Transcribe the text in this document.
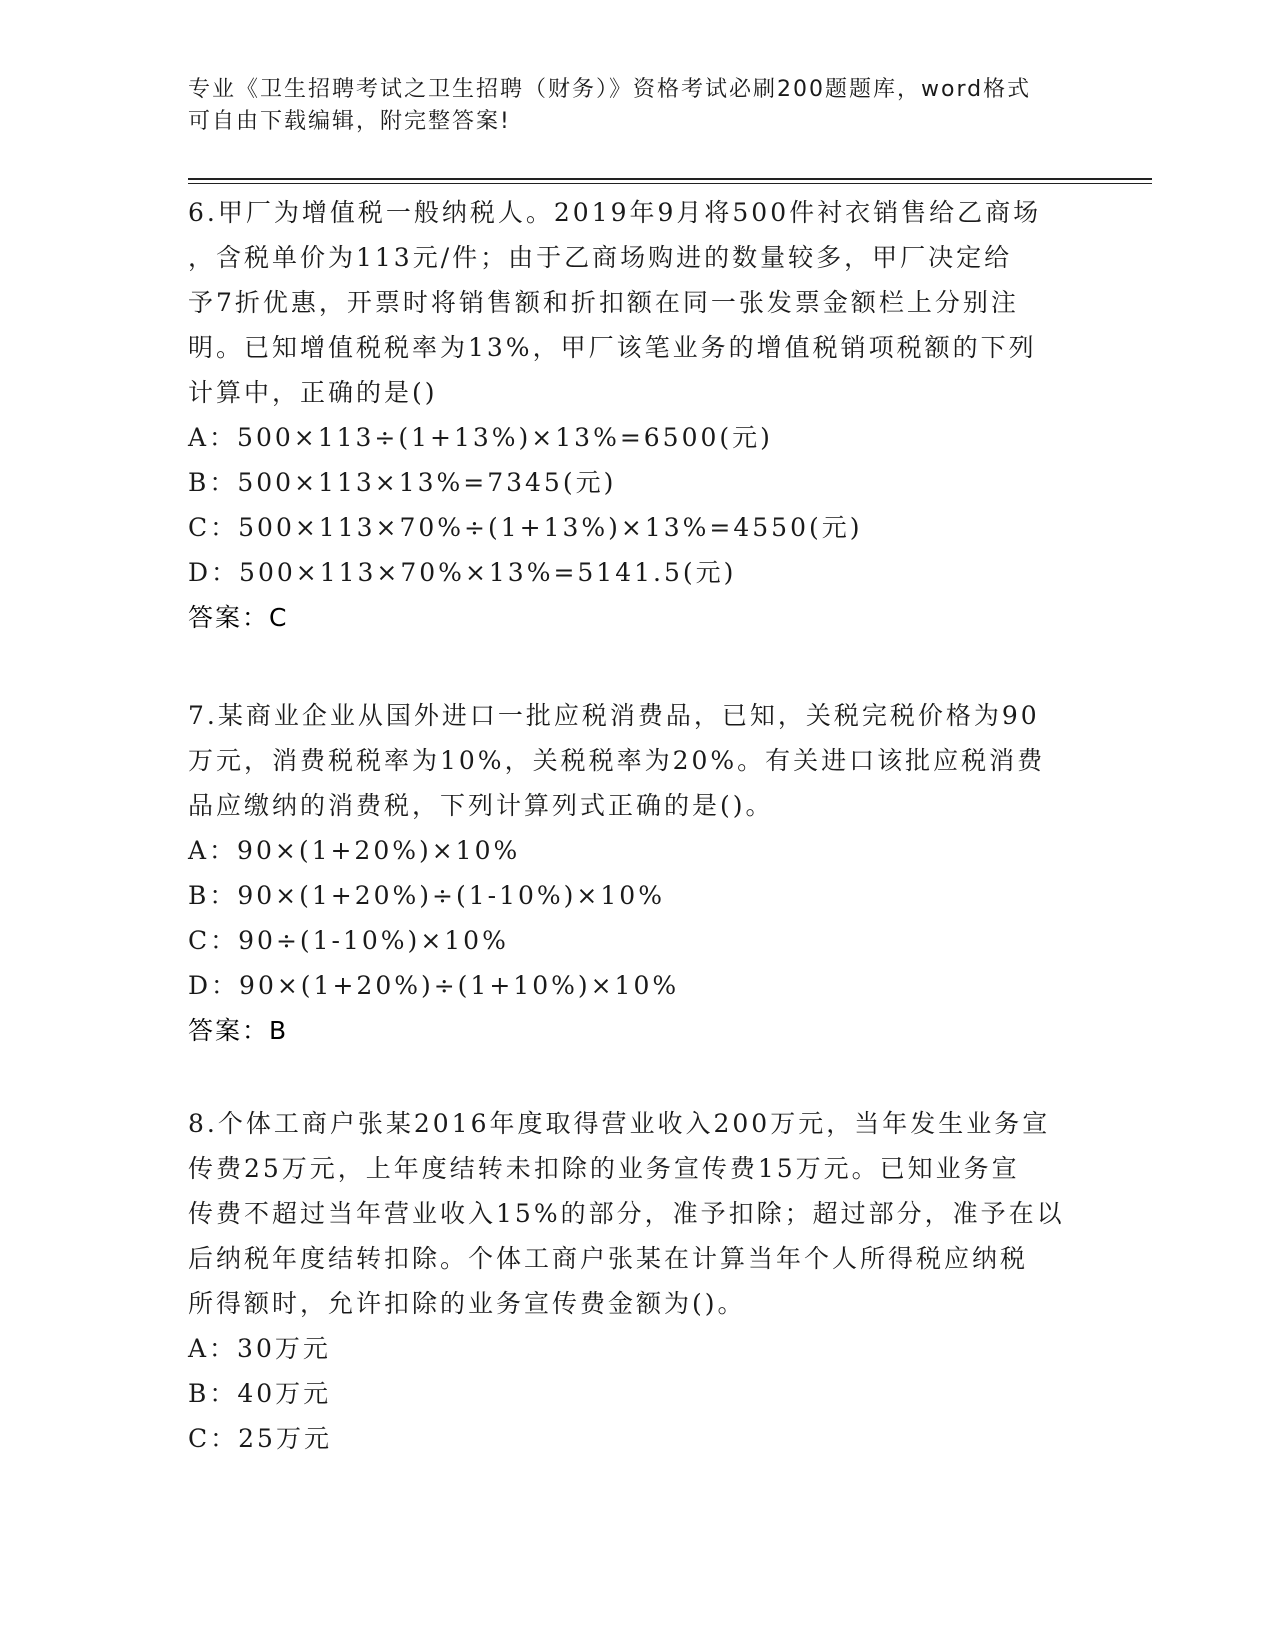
专业《卫生招聘考试之卫生招聘（财务）》资格考试必刷200题题库，word格式
可自由下载编辑，附完整答案!
6.甲厂为增值税一般纳税人。2019年9月将500件衬衣销售给乙商场
，含税单价为113元/件；由于乙商场购进的数量较多，甲厂决定给
予7折优惠，开票时将销售额和折扣额在同一张发票金额栏上分别注
明。已知增值税税率为13%，甲厂该笔业务的增值税销项税额的下列
计算中，正确的是()
A：500×113÷(1+13%)×13%=6500(元)
B：500×113×13%=7345(元)
C：500×113×70%÷(1+13%)×13%=4550(元)
D：500×113×70%×13%=5141.5(元)
答案：C
7.某商业企业从国外进口一批应税消费品，已知，关税完税价格为90
万元，消费税税率为10%，关税税率为20%。有关进口该批应税消费
品应缴纳的消费税，下列计算列式正确的是()。
A：90×(1+20%)×10%
B：90×(1+20%)÷(1-10%)×10%
C：90÷(1-10%)×10%
D：90×(1+20%)÷(1+10%)×10%
答案：B
8.个体工商户张某2016年度取得营业收入200万元，当年发生业务宣
传费25万元，上年度结转未扣除的业务宣传费15万元。已知业务宣
传费不超过当年营业收入15%的部分，准予扣除；超过部分，准予在以
后纳税年度结转扣除。个体工商户张某在计算当年个人所得税应纳税
所得额时，允许扣除的业务宣传费金额为()。
A：30万元
B：40万元
C：25万元
